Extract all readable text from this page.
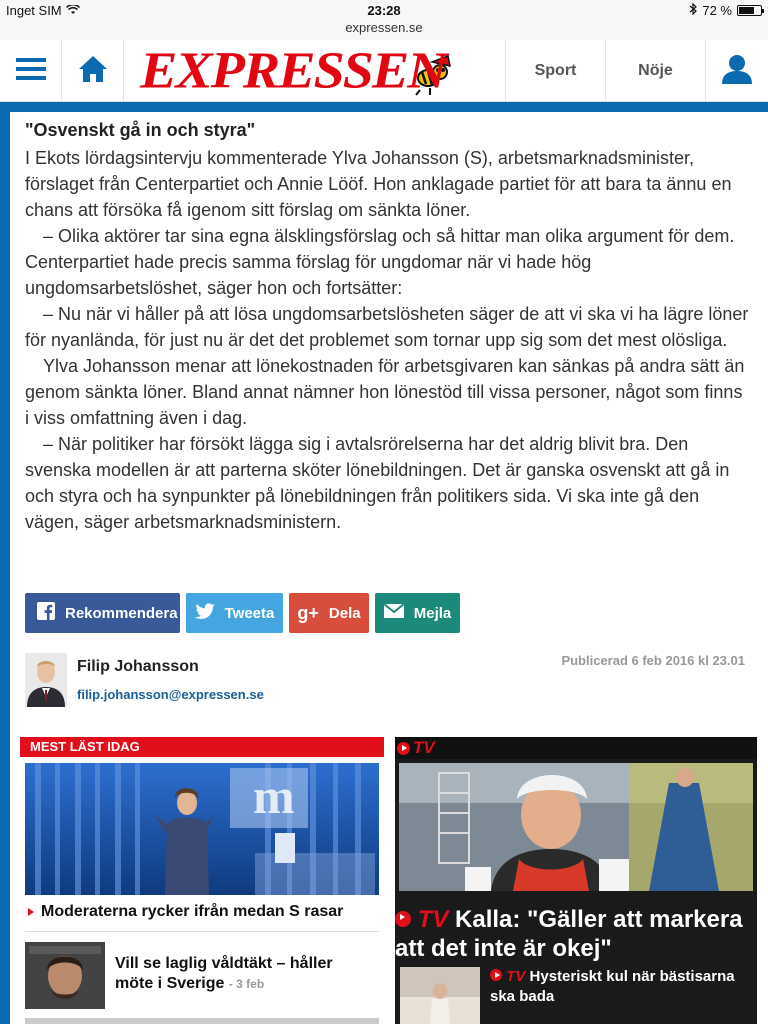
Inget SIM	23:28	72 %
expressen.se
EXPRESSEN	Sport	Nöje
"Osvenskt gå in och styra"

I Ekots lördagsintervju kommenterade Ylva Johansson (S), arbetsmarknadsminister, förslaget från Centerpartiet och Annie Lööf. Hon anklagade partiet för att bara ta ännu en chans att försöka få igenom sitt förslag om sänkta löner.

– Olika aktörer tar sina egna älsklingsförslag och så hittar man olika argument för dem. Centerpartiet hade precis samma förslag för ungdomar när vi hade hög ungdomsarbetslöshet, säger hon och fortsätter:

– Nu när vi håller på att lösa ungdomsarbetslösheten säger de att vi ska vi ha lägre löner för nyanlända, för just nu är det det problemet som tornar upp sig som det mest olösliga.

Ylva Johansson menar att lönekostnaden för arbetsgivaren kan sänkas på andra sätt än genom sänkta löner. Bland annat nämner hon lönestöd till vissa personer, något som finns i viss omfattning även i dag.

– När politiker har försökt lägga sig i avtalsrörelserna har det aldrig blivit bra. Den svenska modellen är att parterna sköter lönebildningen. Det är ganska osvenskt att gå in och styra och ha synpunkter på lönebildningen från politikers sida. Vi ska inte gå den vägen, säger arbetsmarknadsministern.

Rekommendera	Tweeta g+ Dela	Mejla
Filip Johansson
filip.johansson@expressen.se
Publicerad 6 feb 2016 kl 23.01
MEST LÄST IDAG
m
Moderaterna rycker ifrån medan S rasar
Vill se laglig våldtäkt – håller möte i Sverige - 3 feb
TV
TV Kalla: "Gäller att markera att det inte är okej"
TV Hysteriskt kul när bästisarna ska bada
